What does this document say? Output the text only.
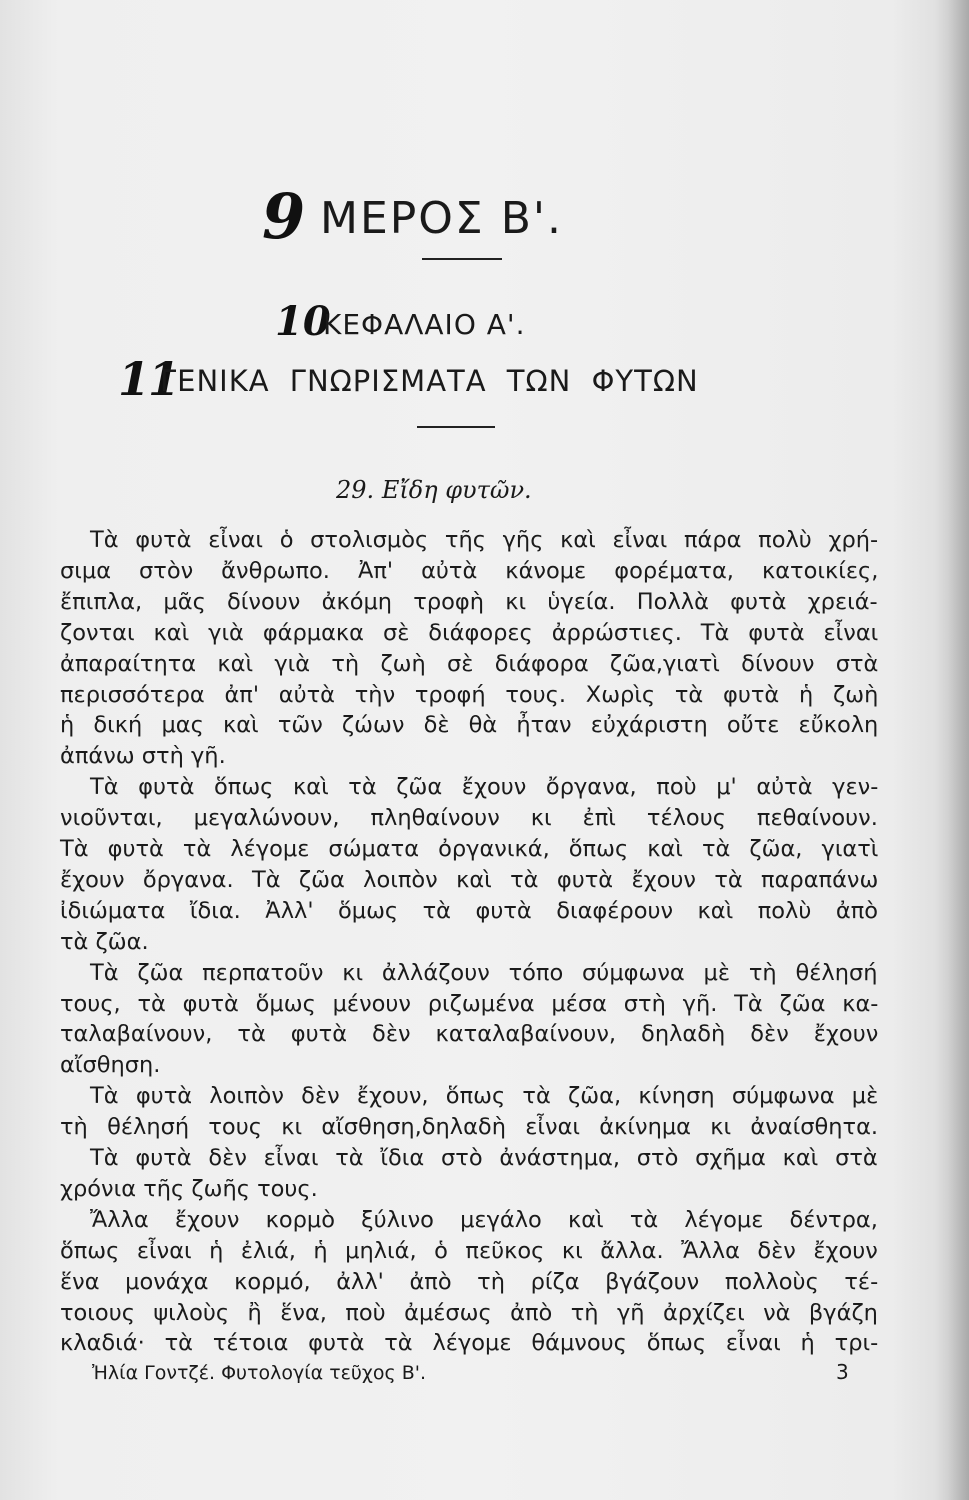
9 ΜΕΡΟΣ Β'.
10
ΚΕΦΑΛΑΙΟ Α'.
11
ΓΕΝΙΚΑ ΓΝΩΡΙΣΜΑΤΑ ΤΩΝ ΦΥΤΩΝ
29. Εἴδη φυτῶν.
Τὰ φυτὰ εἶναι ὁ στολισμὸς τῆς γῆς καὶ εἶναι πάρα πολὺ χρή-
σιμα στὸν ἄνθρωπο. Ἀπ' αὐτὰ κάνομε φορέματα, κατοικίες,
ἔπιπλα, μᾶς δίνουν ἀκόμη τροφὴ κι ὑγεία. Πολλὰ φυτὰ χρειά-
ζονται καὶ γιὰ φάρμακα σὲ διάφορες ἀρρώστιες. Τὰ φυτὰ εἶναι
ἀπαραίτητα καὶ γιὰ τὴ ζωὴ σὲ διάφορα ζῶα,γιατὶ δίνουν στὰ
περισσότερα ἀπ' αὐτὰ τὴν τροφή τους. Χωρὶς τὰ φυτὰ ἡ ζωὴ
ἡ δική μας καὶ τῶν ζώων δὲ θὰ ἦταν εὐχάριστη οὔτε εὔκολη
ἀπάνω στὴ γῆ.
Τὰ φυτὰ ὅπως καὶ τὰ ζῶα ἔχουν ὄργανα, ποὺ μ' αὐτὰ γεν-
νιοῦνται, μεγαλώνουν, πληθαίνουν κι ἐπὶ τέλους πεθαίνουν.
Τὰ φυτὰ τὰ λέγομε σώματα ὀργανικά, ὅπως καὶ τὰ ζῶα, γιατὶ
ἔχουν ὄργανα. Τὰ ζῶα λοιπὸν καὶ τὰ φυτὰ ἔχουν τὰ παραπάνω
ἰδιώματα ἴδια. Ἀλλ' ὅμως τὰ φυτὰ διαφέρουν καὶ πολὺ ἀπὸ
τὰ ζῶα.
Τὰ ζῶα περπατοῦν κι ἀλλάζουν τόπο σύμφωνα μὲ τὴ θέλησή
τους, τὰ φυτὰ ὅμως μένουν ριζωμένα μέσα στὴ γῆ. Τὰ ζῶα κα-
ταλαβαίνουν, τὰ φυτὰ δὲν καταλαβαίνουν, δηλαδὴ δὲν ἔχουν
αἴσθηση.
Τὰ φυτὰ λοιπὸν δὲν ἔχουν, ὅπως τὰ ζῶα, κίνηση σύμφωνα μὲ
τὴ θέλησή τους κι αἴσθηση,δηλαδὴ εἶναι ἀκίνημα κι ἀναίσθητα.
Τὰ φυτὰ δὲν εἶναι τὰ ἴδια στὸ ἀνάστημα, στὸ σχῆμα καὶ στὰ
χρόνια τῆς ζωῆς τους.
Ἄλλα ἔχουν κορμὸ ξύλινο μεγάλο καὶ τὰ λέγομε δέντρα,
ὅπως εἶναι ἡ ἐλιά, ἡ μηλιά, ὁ πεῦκος κι ἄλλα. Ἄλλα δὲν ἔχουν
ἕνα μονάχα κορμό, ἀλλ' ἀπὸ τὴ ρίζα βγάζουν πολλοὺς τέ-
τοιους ψιλοὺς ἢ ἕνα, ποὺ ἀμέσως ἀπὸ τὴ γῆ ἀρχίζει νὰ βγάζη
κλαδιά· τὰ τέτοια φυτὰ τὰ λέγομε θάμνους ὅπως εἶναι ἡ τρι-
Ἠλία Γοντζέ. Φυτολογία τεῦχος Β'.	3
